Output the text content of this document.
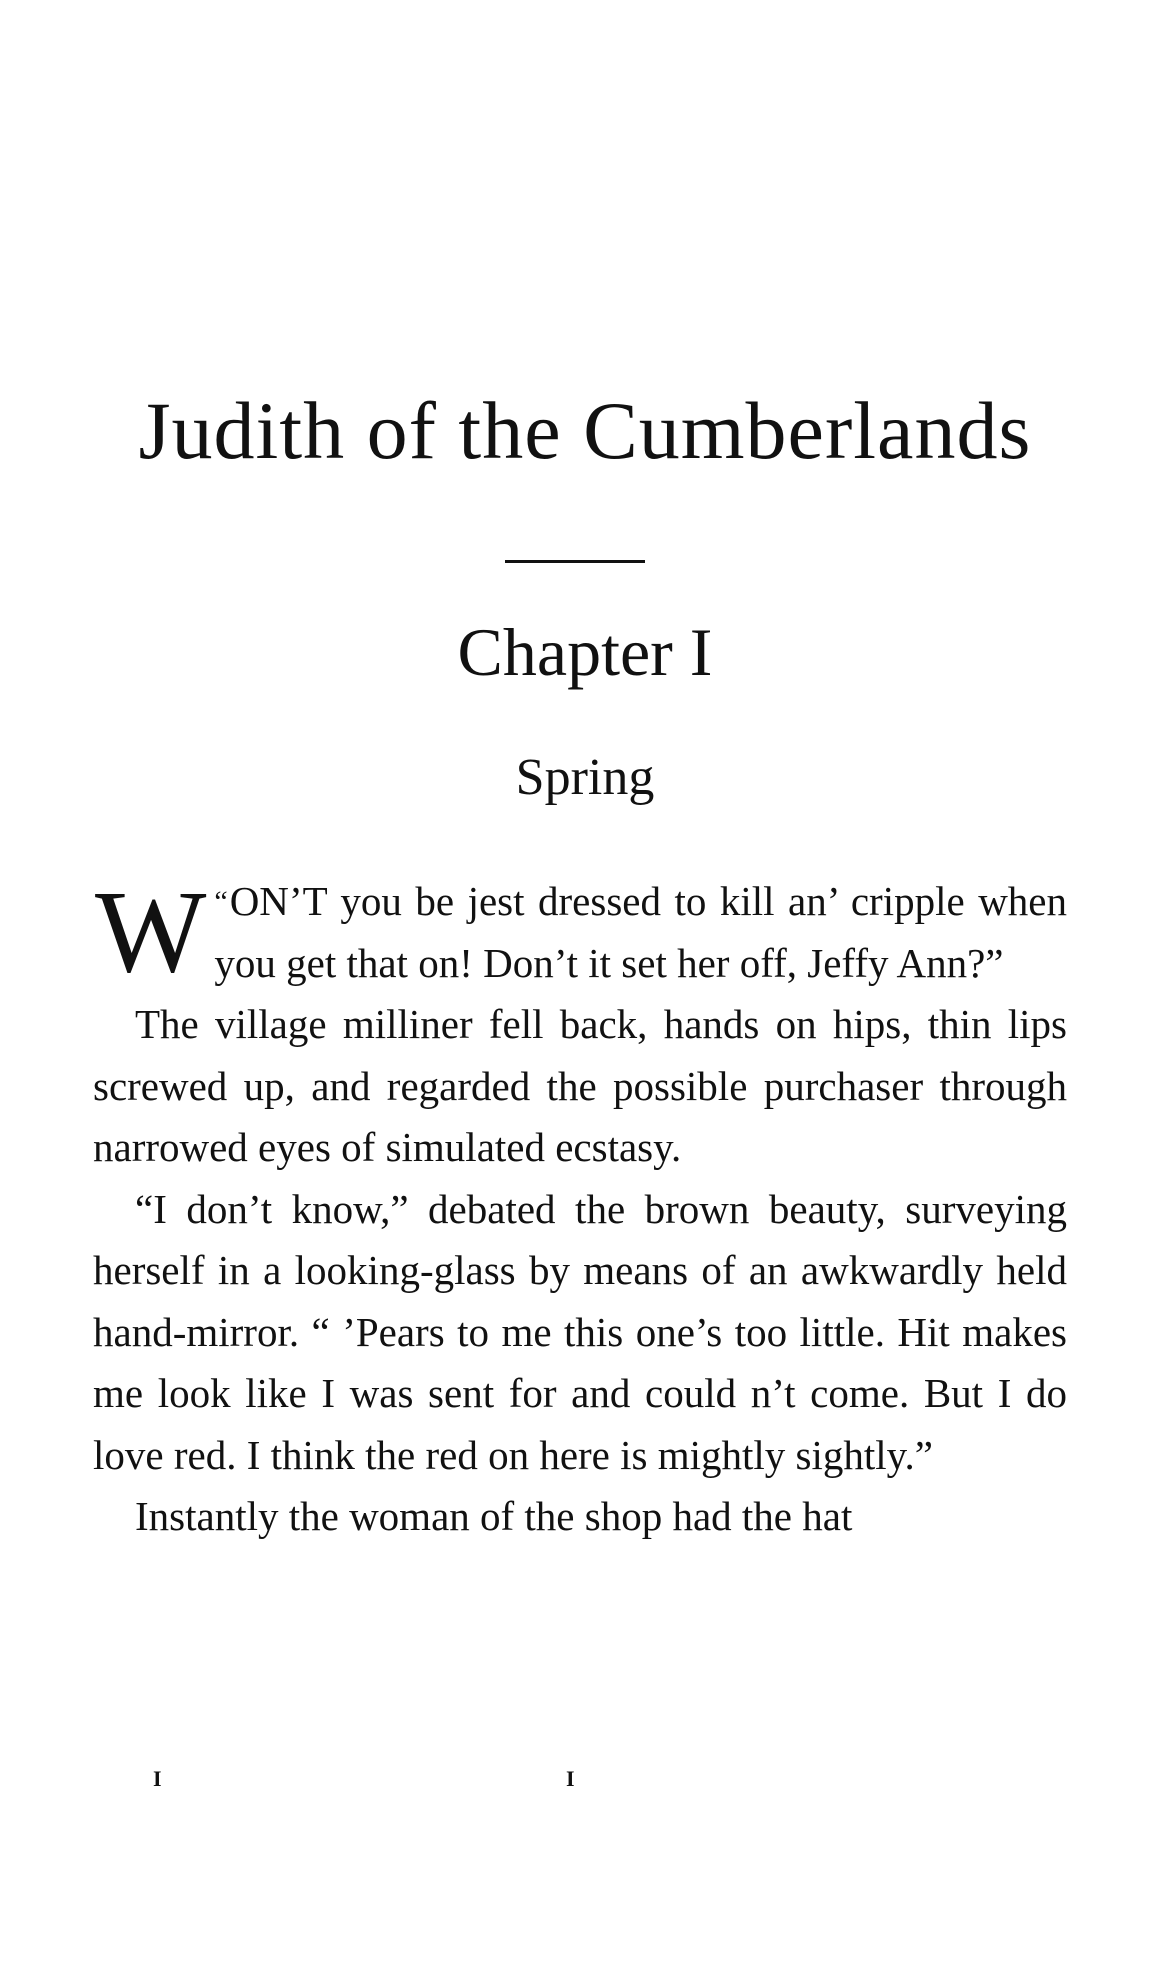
Judith of the Cumberlands
Chapter I
Spring

“
W ON’T you be jest dressed to kill an’ cripple when you get that on! Don’t it set her off, Jeffy Ann?”

The village milliner fell back, hands on hips, thin lips screwed up, and regarded the possible purchaser through narrowed eyes of simulated ecstasy.

“I don’t know,” debated the brown beauty, surveying herself in a looking-glass by means of an awkwardly held hand-mirror. “ ’Pears to me this one’s too little. Hit makes me look like I was sent for and could n’t come. But I do love red. I think the red on here is mightly sightly.”

Instantly the woman of the shop had the hat

I	I
